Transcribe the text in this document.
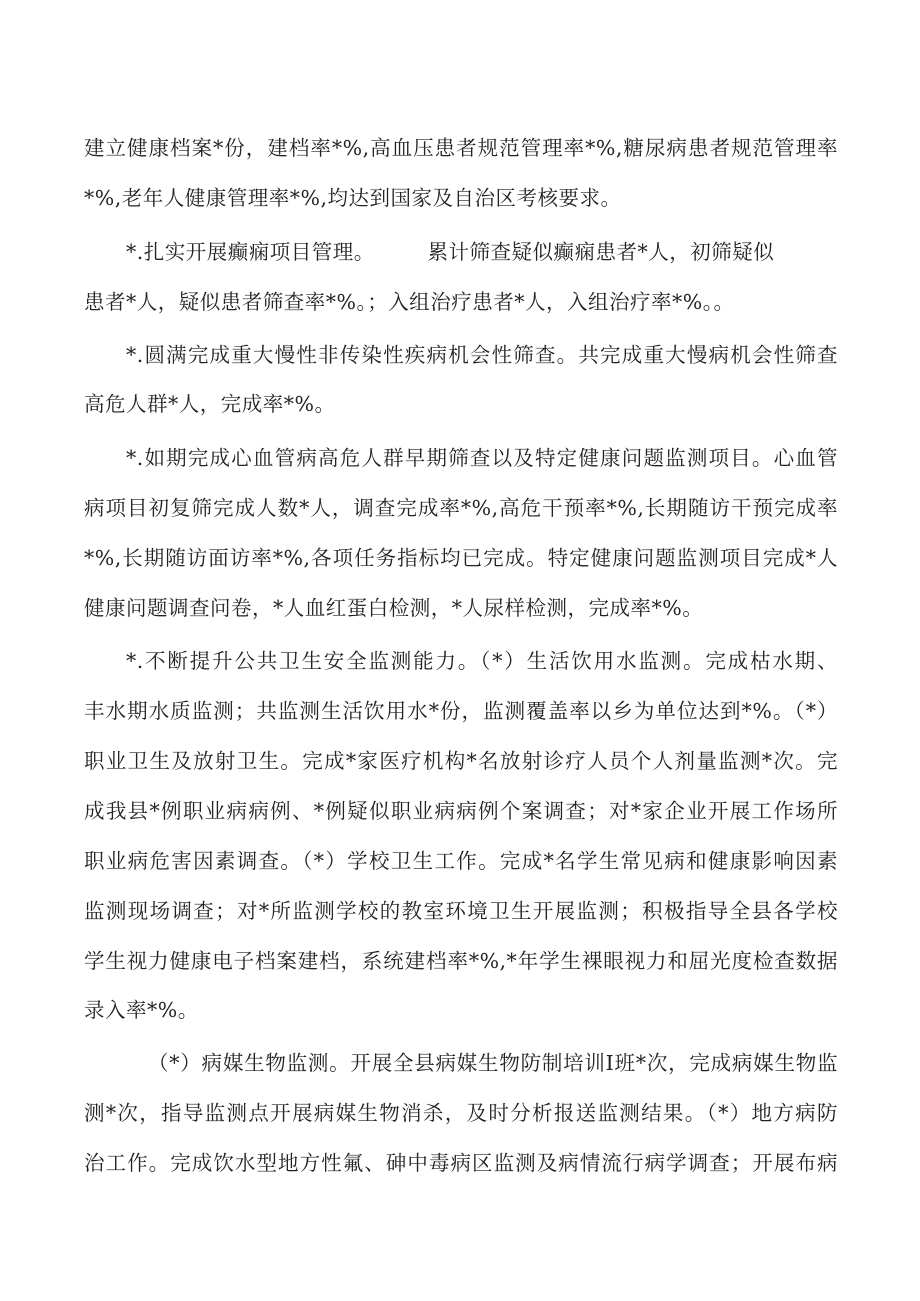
建立健康档案*份，建档率*%,高血压患者规范管理率*%,糖尿病患者规范管理率
*%,老年人健康管理率*%,均达到国家及自治区考核要求。
*.扎实开展癫痫项目管理。　　　累计筛查疑似癫痫患者*人，初筛疑似
患者*人，疑似患者筛查率*%。；入组治疗患者*人，入组治疗率*%。。
*.圆满完成重大慢性非传染性疾病机会性筛查。共完成重大慢病机会性筛查
高危人群*人，完成率*%。
*.如期完成心血管病高危人群早期筛查以及特定健康问题监测项目。心血管
病项目初复筛完成人数*人，调查完成率*%,高危干预率*%,长期随访干预完成率
*%,长期随访面访率*%,各项任务指标均已完成。特定健康问题监测项目完成*人
健康问题调查问卷，*人血红蛋白检测，*人尿样检测，完成率*%。
*.不断提升公共卫生安全监测能力。（*）生活饮用水监测。完成枯水期、
丰水期水质监测；共监测生活饮用水*份，监测覆盖率以乡为单位达到*%。（*）
职业卫生及放射卫生。完成*家医疗机构*名放射诊疗人员个人剂量监测*次。完
成我县*例职业病病例、*例疑似职业病病例个案调查；对*家企业开展工作场所
职业病危害因素调查。（*）学校卫生工作。完成*名学生常见病和健康影响因素
监测现场调查；对*所监测学校的教室环境卫生开展监测；积极指导全县各学校
学生视力健康电子档案建档，系统建档率*%,*年学生裸眼视力和屈光度检查数据
录入率*%。
（*）病媒生物监测。开展全县病媒生物防制培训I班*次，完成病媒生物监
测*次，指导监测点开展病媒生物消杀，及时分析报送监测结果。（*）地方病防
治工作。完成饮水型地方性氟、砷中毒病区监测及病情流行病学调查；开展布病
